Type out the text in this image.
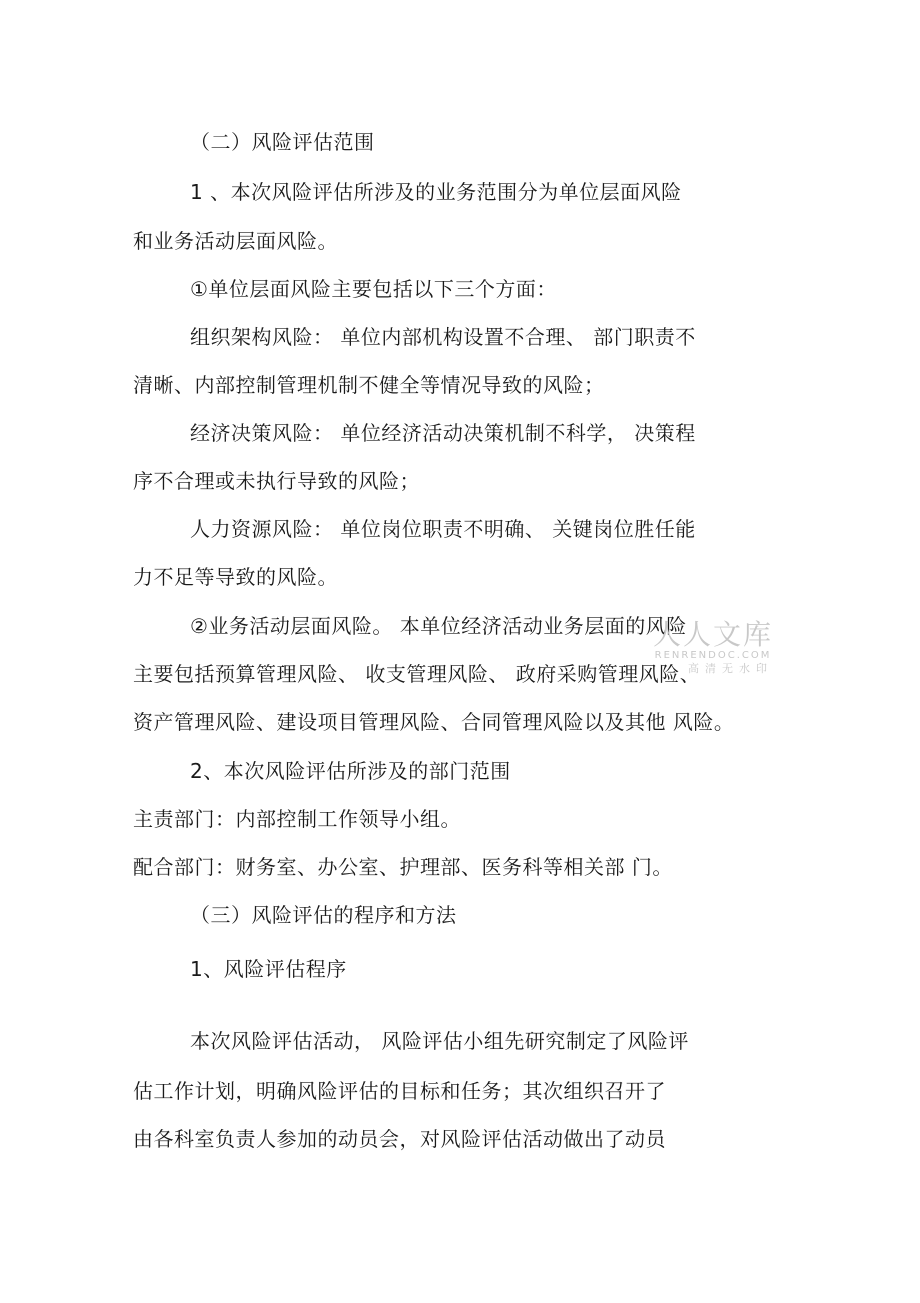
（二）风险评估范围
1 、本次风险评估所涉及的业务范围分为单位层面风险
和业务活动层面风险。
①单位层面风险主要包括以下三个方面：
组织架构风险： 单位内部机构设置不合理、 部门职责不
清晰、内部控制管理机制不健全等情况导致的风险；
经济决策风险： 单位经济活动决策机制不科学， 决策程
序不合理或未执行导致的风险；
人力资源风险： 单位岗位职责不明确、 关键岗位胜任能
力不足等导致的风险。
②业务活动层面风险。 本单位经济活动业务层面的风险
主要包括预算管理风险、 收支管理风险、 政府采购管理风险、
资产管理风险、建设项目管理风险、合同管理风险以及其他 风险。
2、本次风险评估所涉及的部门范围
主责部门：内部控制工作领导小组。
配合部门：财务室、办公室、护理部、医务科等相关部 门。
（三）风险评估的程序和方法
1、风险评估程序
本次风险评估活动， 风险评估小组先研究制定了风险评
估工作计划，明确风险评估的目标和任务；其次组织召开了
由各科室负责人参加的动员会，对风险评估活动做出了动员
人人文库
RENRENDOC.COM
高清无水印
